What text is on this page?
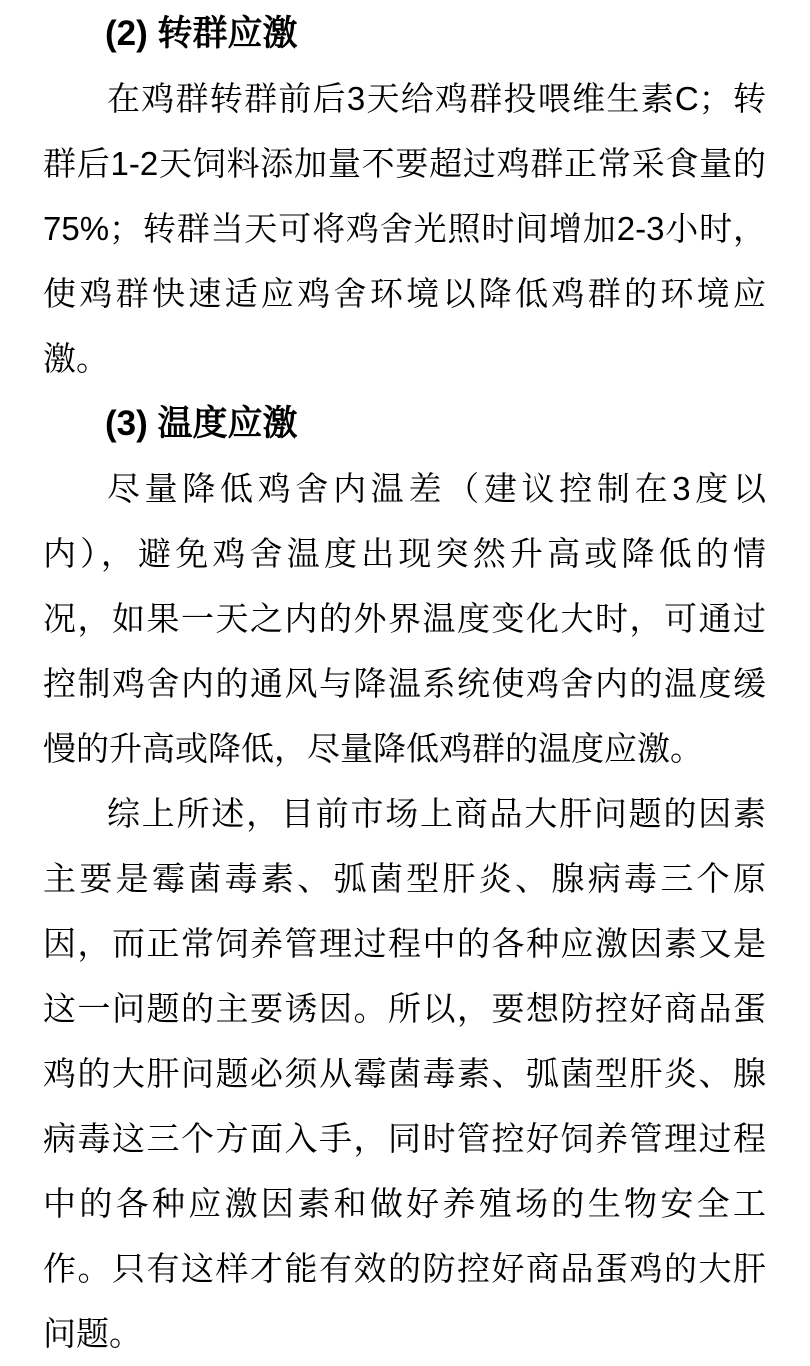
(2) 转群应激
在鸡群转群前后3天给鸡群投喂维生素C；转
群后1-2天饲料添加量不要超过鸡群正常采食量的
75%；转群当天可将鸡舍光照时间增加2-3小时，
使鸡群快速适应鸡舍环境以降低鸡群的环境应
激。
(3) 温度应激
尽量降低鸡舍内温差（建议控制在3度以
内），避免鸡舍温度出现突然升高或降低的情
况，如果一天之内的外界温度变化大时，可通过
控制鸡舍内的通风与降温系统使鸡舍内的温度缓
慢的升高或降低，尽量降低鸡群的温度应激。
综上所述，目前市场上商品大肝问题的因素
主要是霉菌毒素、弧菌型肝炎、腺病毒三个原
因，而正常饲养管理过程中的各种应激因素又是
这一问题的主要诱因。所以，要想防控好商品蛋
鸡的大肝问题必须从霉菌毒素、弧菌型肝炎、腺
病毒这三个方面入手，同时管控好饲养管理过程
中的各种应激因素和做好养殖场的生物安全工
作。只有这样才能有效的防控好商品蛋鸡的大肝
问题。
